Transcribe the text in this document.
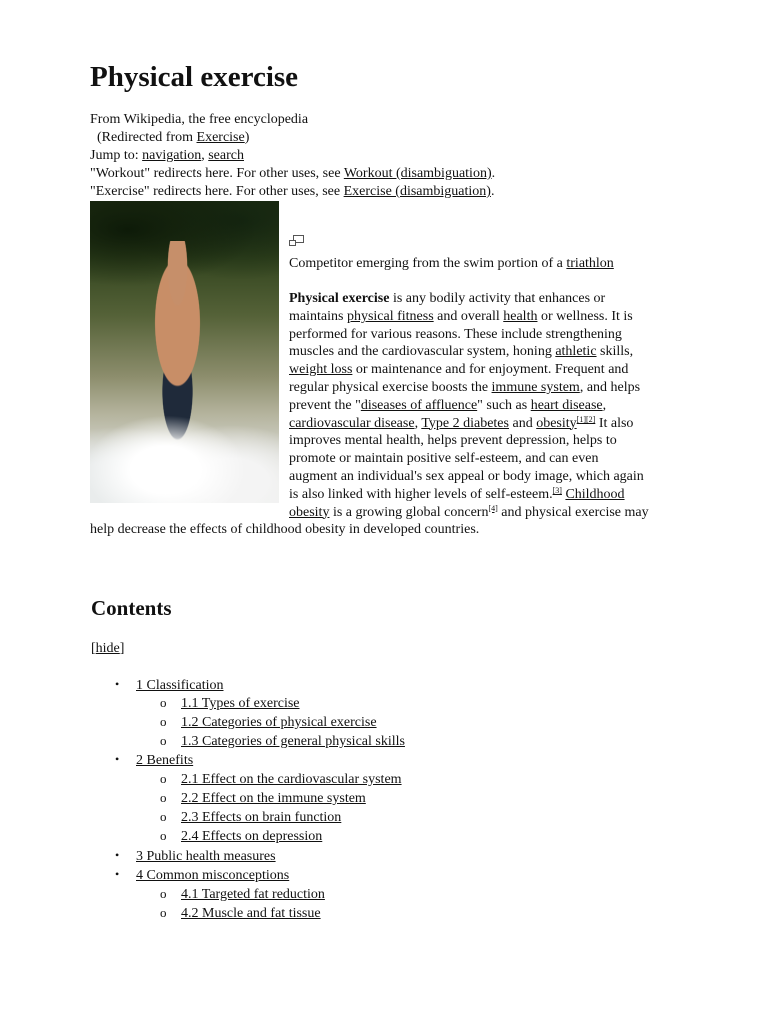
Physical exercise
From Wikipedia, the free encyclopedia
(Redirected from Exercise)
Jump to: navigation, search
"Workout" redirects here. For other uses, see Workout (disambiguation).
"Exercise" redirects here. For other uses, see Exercise (disambiguation).
Competitor emerging from the swim portion of a triathlon
Physical exercise is any bodily activity that enhances or
maintains physical fitness and overall health or wellness. It is
performed for various reasons. These include strengthening
muscles and the cardiovascular system, honing athletic skills,
weight loss or maintenance and for enjoyment. Frequent and
regular physical exercise boosts the immune system, and helps
prevent the "diseases of affluence" such as heart disease,
cardiovascular disease, Type 2 diabetes and obesity[1][2] It also
improves mental health, helps prevent depression, helps to
promote or maintain positive self-esteem, and can even
augment an individual's sex appeal or body image, which again
is also linked with higher levels of self-esteem.[3] Childhood
obesity is a growing global concern[4] and physical exercise may
help decrease the effects of childhood obesity in developed countries.
Contents
[hide]
• 1 Classification
o 1.1 Types of exercise
o 1.2 Categories of physical exercise
o 1.3 Categories of general physical skills
• 2 Benefits
o 2.1 Effect on the cardiovascular system
o 2.2 Effect on the immune system
o 2.3 Effects on brain function
o 2.4 Effects on depression
• 3 Public health measures
• 4 Common misconceptions
o 4.1 Targeted fat reduction
o 4.2 Muscle and fat tissue
